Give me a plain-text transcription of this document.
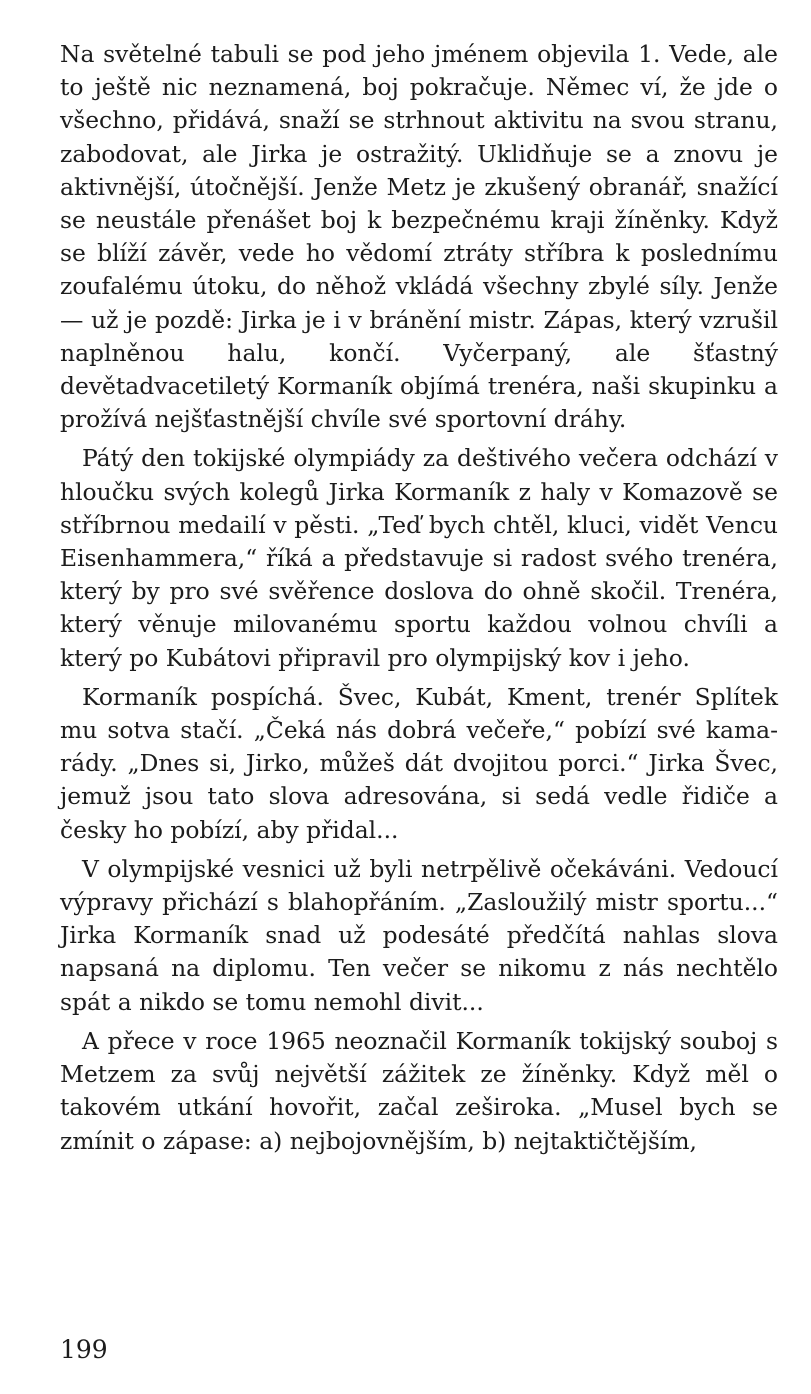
Na světelné tabuli se pod jeho jménem objevila 1. Vede, ale to ještě nic neznamená, boj pokračuje. Němec ví, že jde o všechno, přidává, snaží se strhnout aktivitu na svou stranu, zabodovat, ale Jirka je ostražitý. Uklidňuje se a znovu je aktivnější, útočnější. Jenže Metz je zkušený obranář, snažící se neustále přenášet boj k bezpečnému kraji žíněnky. Když se blíží závěr, vede ho vědomí ztráty stříbra k poslednímu zoufalému útoku, do něhož vkládá všechny zbylé síly. Jenže — už je pozdě: Jirka je i v bránění mistr. Zápas, který vzrušil naplněnou halu, končí. Vyčerpaný, ale šťastný devětadvacetiletý Kormaník objímá trenéra, naši skupinku a prožívá nejšťastnější chvíle své sportovní dráhy.

Pátý den tokijské olympiády za deštivého večera odchází v hloučku svých kolegů Jirka Kormaník z haly v Komazově se stříbrnou medailí v pěsti. „Teď bych chtěl, kluci, vidět Vencu Eisenhammera,“ říká a představuje si radost svého trenéra, který by pro své svěřence doslova do ohně skočil. Trenéra, který věnuje milovanému sportu každou volnou chvíli a který po Kubátovi připravil pro olympijský kov i jeho.

Kormaník pospíchá. Švec, Kubát, Kment, trenér Splítek mu sotva stačí. „Čeká nás dobrá večeře,“ pobízí své kamarády. „Dnes si, Jirko, můžeš dát dvojitou porci.“ Jirka Švec, jemuž jsou tato slova adresována, si sedá vedle řidiče a česky ho pobízí, aby přidal...

V olympijské vesnici už byli netrpělivě očekáváni. Vedoucí výpravy přichází s blahopřáním. „Zasloužilý mistr sportu...“ Jirka Kormaník snad už podesáté předčítá nahlas slova napsaná na diplomu. Ten večer se nikomu z nás nechtělo spát a nikdo se tomu nemohl divit...

A přece v roce 1965 neoznačil Kormaník tokijský souboj s Metzem za svůj největší zážitek ze žíněnky. Když měl o takovém utkání hovořit, začal zeširoka. „Musel bych se zmínit o zápase: a) nejbojovnějším, b) nejtaktičtějším,

199
